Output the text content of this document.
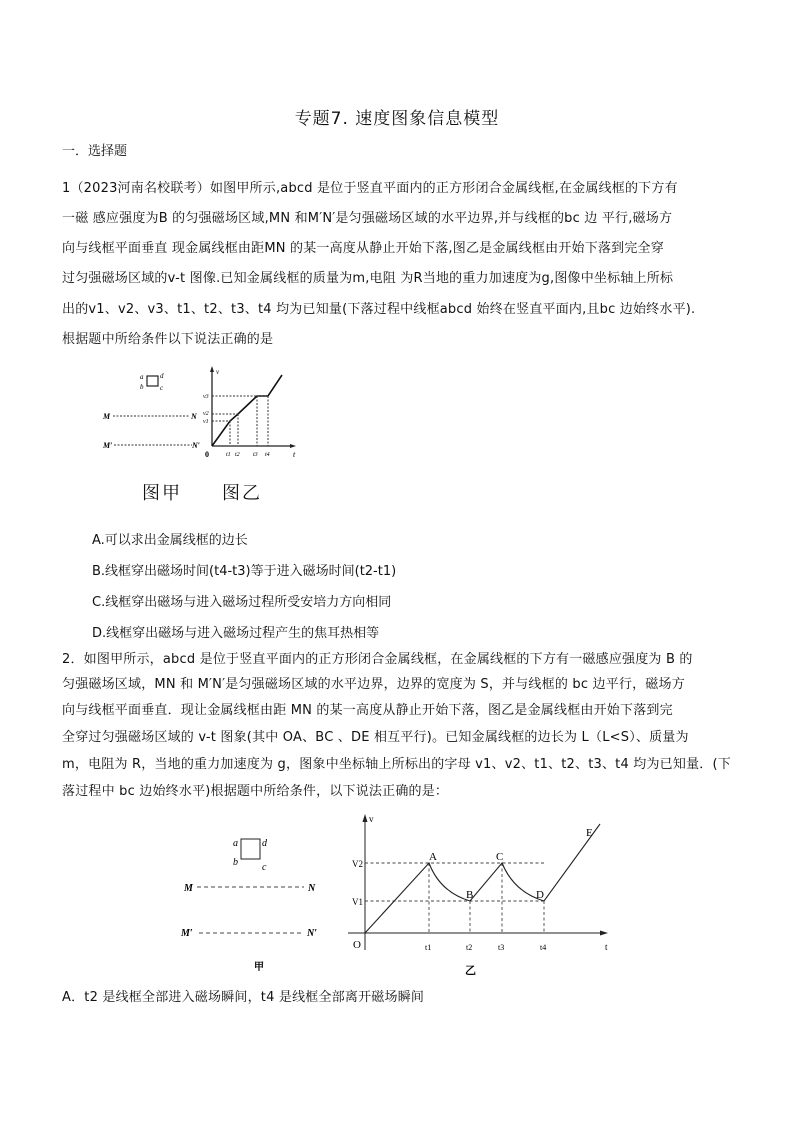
专题7. 速度图象信息模型
一．选择题
1（2023河南名校联考）如图甲所示,abcd 是位于竖直平面内的正方形闭合金属线框,在金属线框的下方有
一磁 感应强度为B 的匀强磁场区域,MN 和M′N′是匀强磁场区域的水平边界,并与线框的bc 边 平行,磁场方
向与线框平面垂直 现金属线框由距MN 的某一高度从静止开始下落,图乙是金属线框由开始下落到完全穿
过匀强磁场区域的v-t 图像.已知金属线框的质量为m,电阻 为R当地的重力加速度为g,图像中坐标轴上所标
出的v1、v2、v3、t1、t2、t3、t4 均为已知量(下落过程中线框abcd 始终在竖直平面内,且bc 边始终水平).
根据题中所给条件以下说法正确的是
a
b c
d
M	N
M′	N′
v
t
0
v1
v2
v3
t1 t2 t3 t4
图甲 图乙
A.可以求出金属线框的边长
B.线框穿出磁场时间(t4-t3)等于进入磁场时间(t2-t1)
C.线框穿出磁场与进入磁场过程所受安培力方向相同
D.线框穿出磁场与进入磁场过程产生的焦耳热相等
2．如图甲所示，abcd 是位于竖直平面内的正方形闭合金属线框，在金属线框的下方有一磁感应强度为 B 的
匀强磁场区域，MN 和 M′N′是匀强磁场区域的水平边界，边界的宽度为 S，并与线框的 bc 边平行，磁场方
向与线框平面垂直．现让金属线框由距 MN 的某一高度从静止开始下落，图乙是金属线框由开始下落到完
全穿过匀强磁场区域的 v-t 图象(其中 OA、BC 、DE 相互平行)。已知金属线框的边长为 L（L<S）、质量为
m，电阻为 R，当地的重力加速度为 g，图象中坐标轴上所标出的字母 v1、v2、t1、t2、t3、t4 均为已知量．(下
落过程中 bc 边始终水平)根据题中所给条件，以下说法正确的是：
a
b c
d
M	N
M′	N′
甲
v
t
O
A
B
C
D
E
V2
V1
t1	t2	t3	t4
乙
A．t2 是线框全部进入磁场瞬间，t4 是线框全部离开磁场瞬间
